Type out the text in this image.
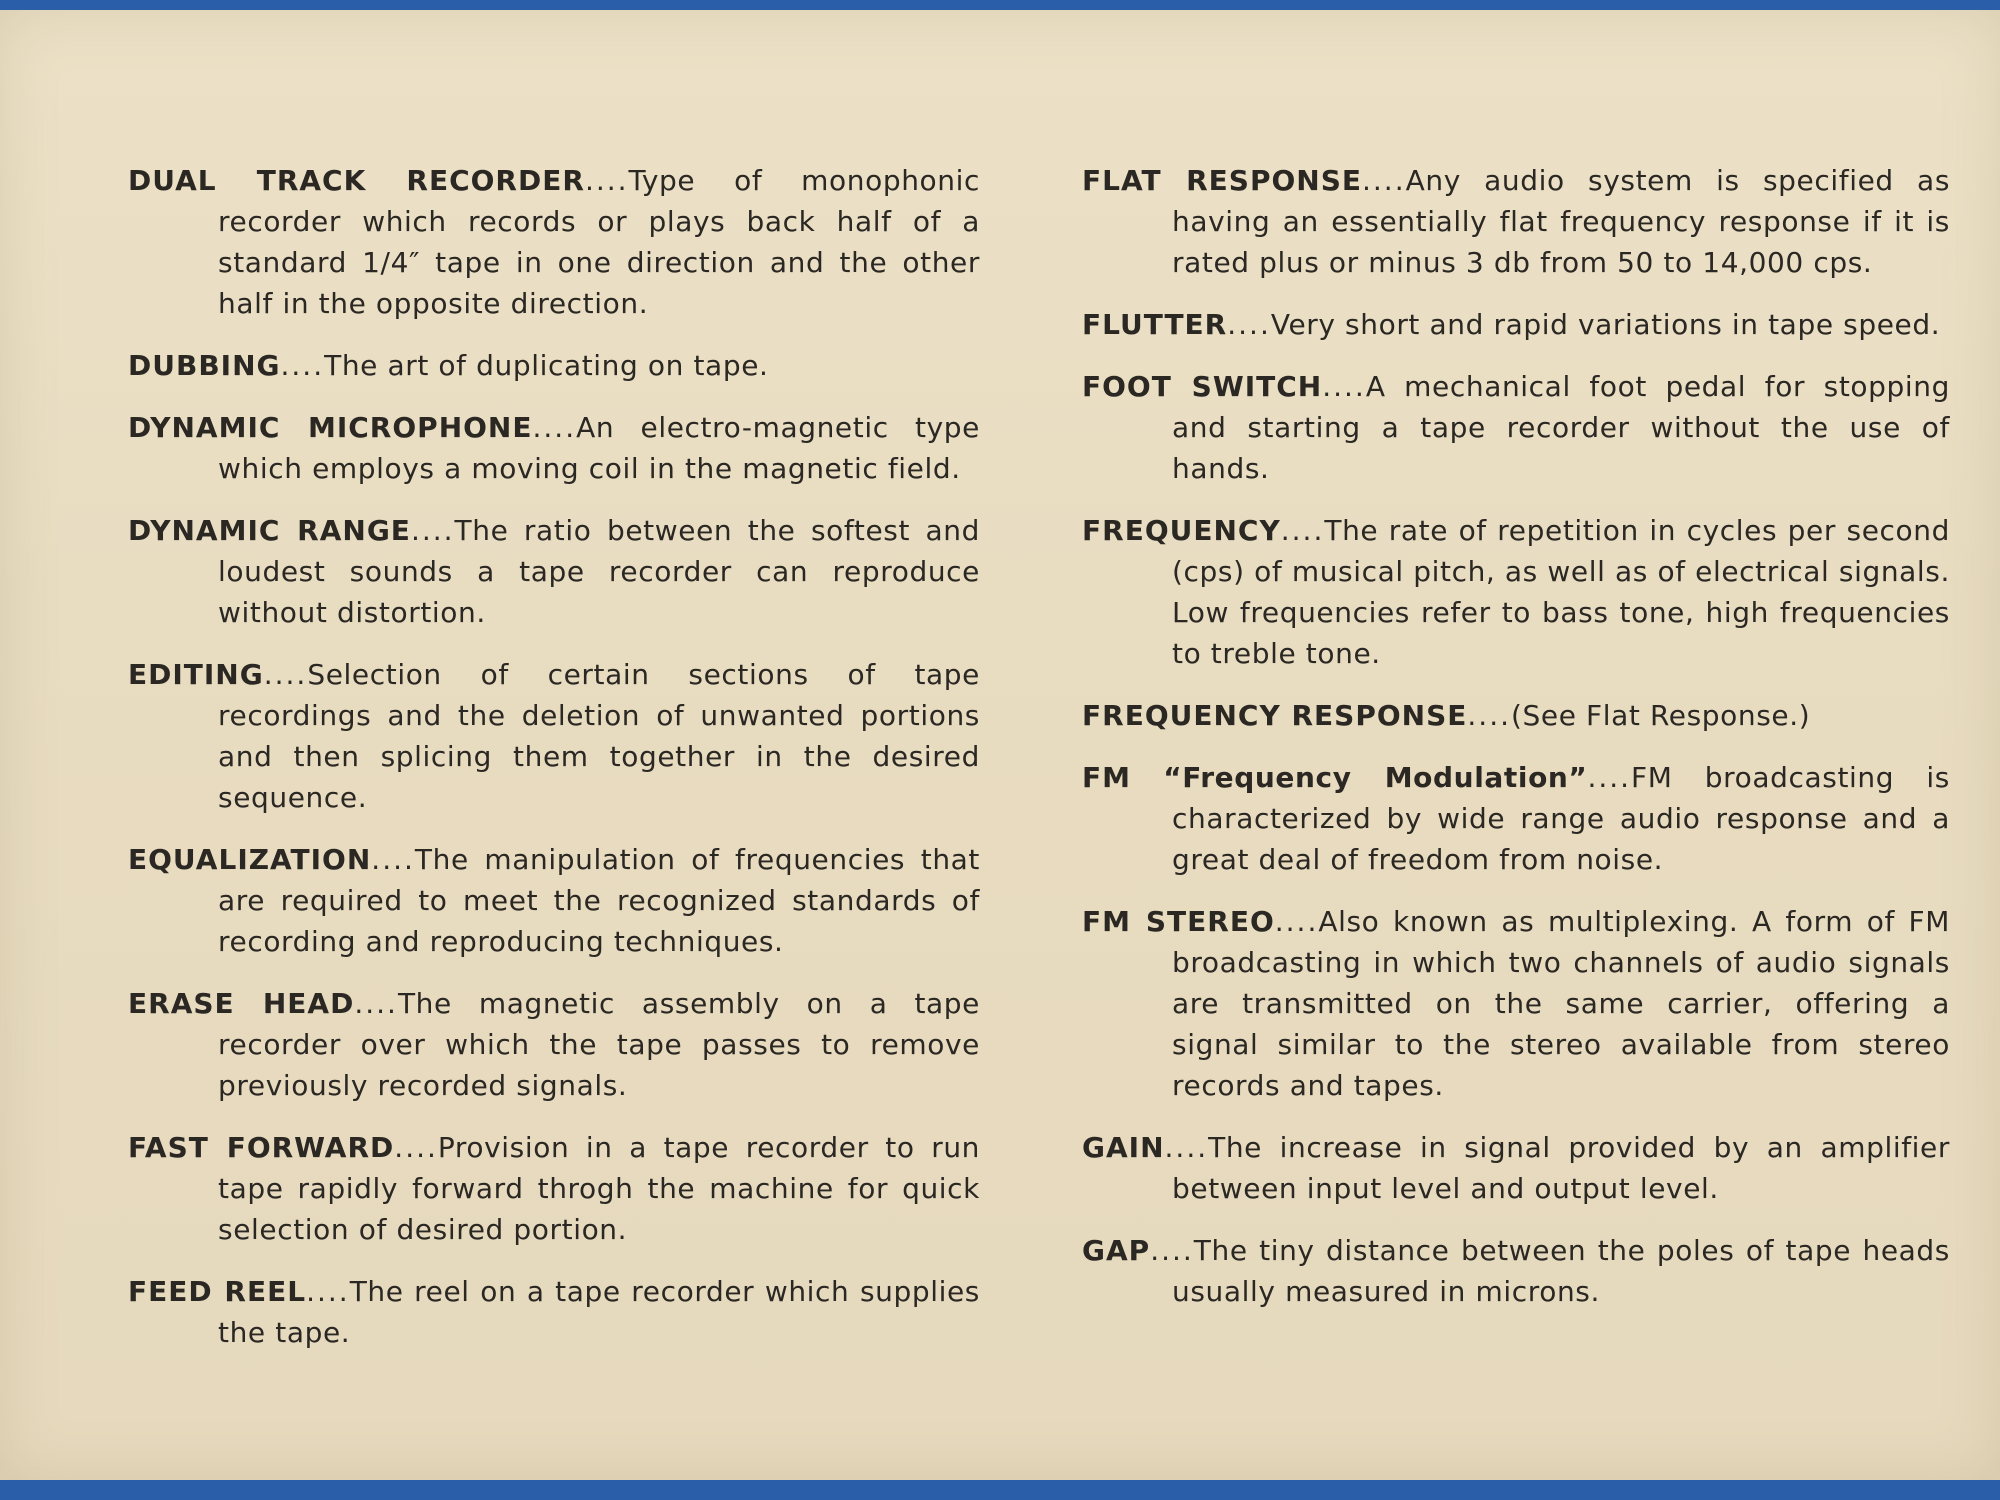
DUAL TRACK RECORDER....Type of monophonic recorder which records or plays back half of a standard 1/4″ tape in one direction and the other half in the opposite direction.

DUBBING....The art of duplicating on tape.

DYNAMIC MICROPHONE....An electro-magnetic type which employs a moving coil in the magnetic field.

DYNAMIC RANGE....The ratio between the softest and loudest sounds a tape recorder can reproduce without distortion.

EDITING....Selection of certain sections of tape recordings and the deletion of unwanted portions and then splicing them together in the desired sequence.

EQUALIZATION....The manipulation of frequencies that are required to meet the recognized standards of recording and reproducing techniques.

ERASE HEAD....The magnetic assembly on a tape recorder over which the tape passes to remove previously recorded signals.

FAST FORWARD....Provision in a tape recorder to run tape rapidly forward throgh the machine for quick selection of desired portion.

FEED REEL....The reel on a tape recorder which supplies the tape.

FLAT RESPONSE....Any audio system is specified as having an essentially flat frequency response if it is rated plus or minus 3 db from 50 to 14,000 cps.

FLUTTER....Very short and rapid variations in tape speed.

FOOT SWITCH....A mechanical foot pedal for stopping and starting a tape recorder without the use of hands.

FREQUENCY....The rate of repetition in cycles per second (cps) of musical pitch, as well as of electrical signals. Low frequencies refer to bass tone, high frequencies to treble tone.

FREQUENCY RESPONSE....(See Flat Response.)

FM “Frequency Modulation”....FM broadcasting is characterized by wide range audio response and a great deal of freedom from noise.

FM STEREO....Also known as multiplexing. A form of FM broadcasting in which two channels of audio signals are transmitted on the same carrier, offering a signal similar to the stereo available from stereo records and tapes.

GAIN....The increase in signal provided by an amplifier between input level and output level.

GAP....The tiny distance between the poles of tape heads usually measured in microns.
